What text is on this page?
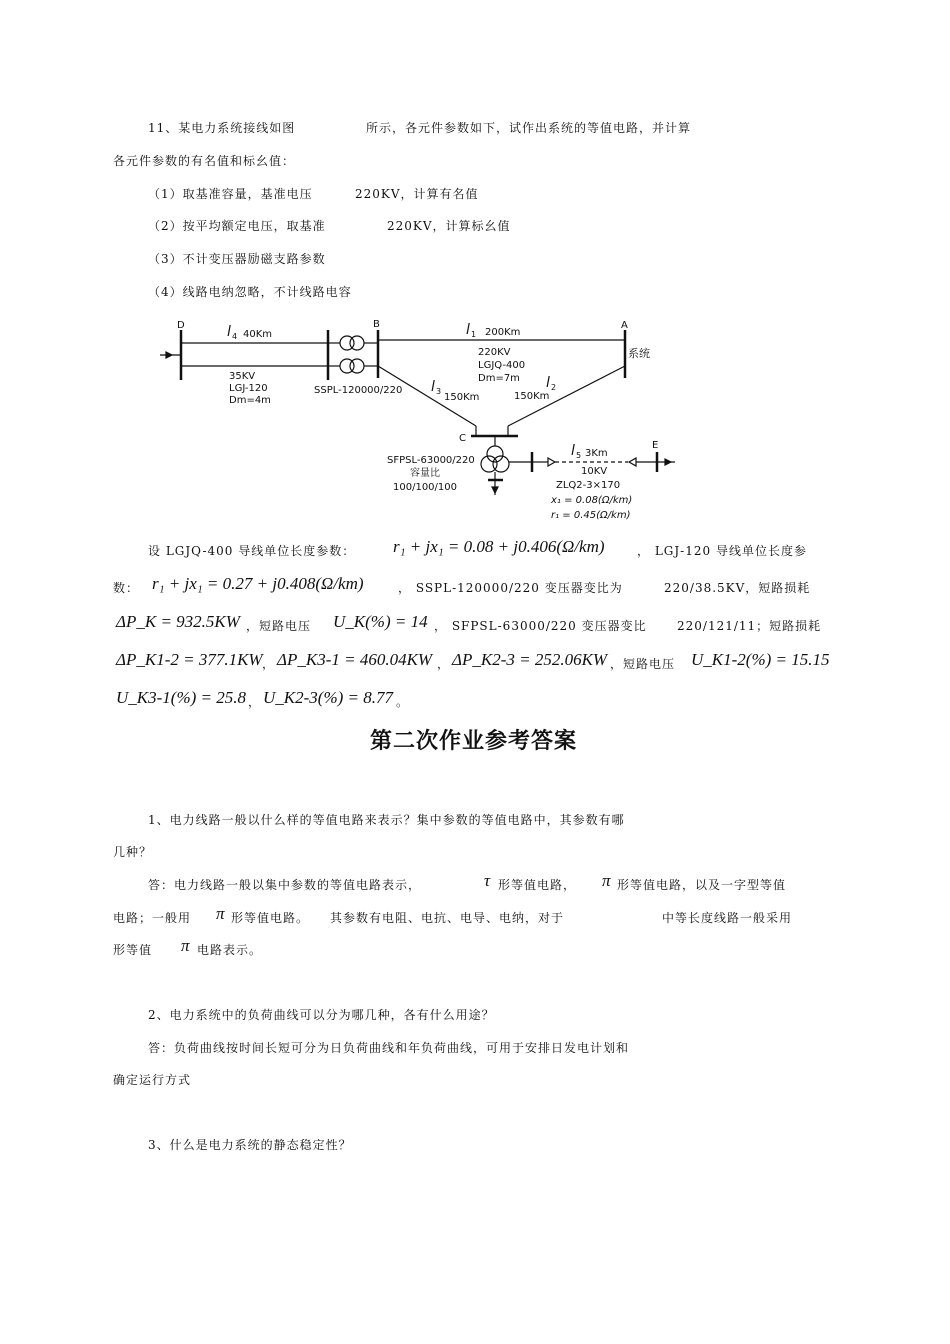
11、某电力系统接线如图	所示，各元件参数如下，试作出系统的等值电路，并计算
各元件参数的有名值和标幺值：
（1）取基准容量，基准电压	220KV，计算有名值
（2）按平均额定电压，取基准	220KV，计算标幺值
（3）不计变压器励磁支路参数
（4）线路电纳忽略，不计线路电容
D	B	A
C
E
l 4 40Km	l 1 200Km
l 3
150Km
l 2
150Km
l 5 3Km
35KV
LGJ-120
Dm=4m
SSPL-120000/220
220KV
LGJQ-400
Dm=7m
系统
SFPSL-63000/220
容量比
100/100/100
10KV
ZLQ2-3×170
x₁ = 0.08(Ω/km)
r₁ = 0.45(Ω/km)
设 LGJQ-400 导线单位长度参数： r₁ + jx₁ = 0.08 + j0.406(Ω/km)	， LGJ-120 导线单位长度参
数： r₁ + jx₁ = 0.27 + j0.408(Ω/km)	， SSPL-120000/220 变压器变比为	220/38.5KV，短路损耗
ΔP_K = 932.5KW ，短路电压 U_K(%) = 14 ， SFPSL-63000/220 变压器变比	220/121/11；短路损耗
ΔP_K1-2 = 377.1KW ， ΔP_K3-1 = 460.04KW ， ΔP_K2-3 = 252.06KW ，短路电压 U_K1-2(%) = 15.15
U_K3-1(%) = 25.8 ， U_K2-3(%) = 8.77 。
第二次作业参考答案
1、电力线路一般以什么样的等值电路来表示？集中参数的等值电路中，其参数有哪
几种？
答：电力线路一般以集中参数的等值电路表示，	τ 形等值电路， π 形等值电路，以及一字型等值
电路；一般用 π 形等值电路。 其参数有电阻、电抗、电导、电纳，对于	中等长度线路一般采用
形等值 π 电路表示。
2、电力系统中的负荷曲线可以分为哪几种，各有什么用途？
答：负荷曲线按时间长短可分为日负荷曲线和年负荷曲线，可用于安排日发电计划和
确定运行方式
3、什么是电力系统的静态稳定性？
